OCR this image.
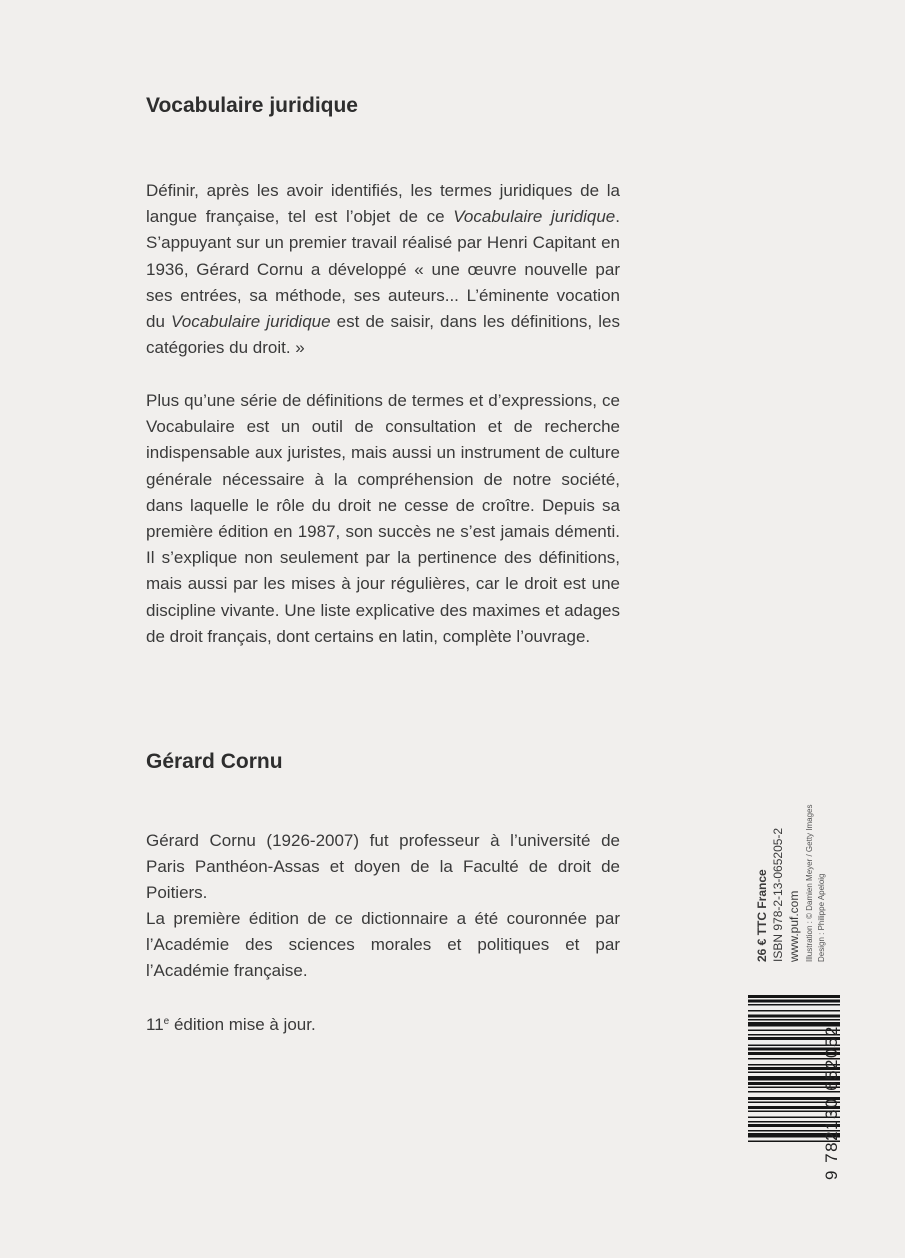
Vocabulaire juridique

Définir, après les avoir identifiés, les termes juridiques de la langue française, tel est l’objet de ce Vocabulaire juridique. S’appuyant sur un premier travail réalisé par Henri Capitant en 1936, Gérard Cornu a développé « une œuvre nouvelle par ses entrées, sa méthode, ses auteurs... L’éminente vocation du Vocabulaire juridique est de saisir, dans les définitions, les catégories du droit. »

Plus qu’une série de définitions de termes et d’expressions, ce Vocabulaire est un outil de consultation et de recherche indispensable aux juristes, mais aussi un instrument de culture générale nécessaire à la compréhension de notre société, dans laquelle le rôle du droit ne cesse de croître. Depuis sa première édition en 1987, son succès ne s’est jamais démenti. Il s’explique non seulement par la pertinence des définitions, mais aussi par les mises à jour régulières, car le droit est une discipline vivante. Une liste explicative des maximes et adages de droit français, dont certains en latin, complète l’ouvrage.

Gérard Cornu

Gérard Cornu (1926-2007) fut professeur à l’université de Paris Panthéon-Assas et doyen de la Faculté de droit de Poitiers.

La première édition de ce dictionnaire a été couronnée par l’Académie des sciences morales et politiques et par l’Académie française.

11e édition mise à jour.

26 € TTC France ISBN 978-2-13-065205-2 www.puf.com Illustration : © Damien Meyer / Getty Images Design : Philippe Apeloig
9 782130 652052
